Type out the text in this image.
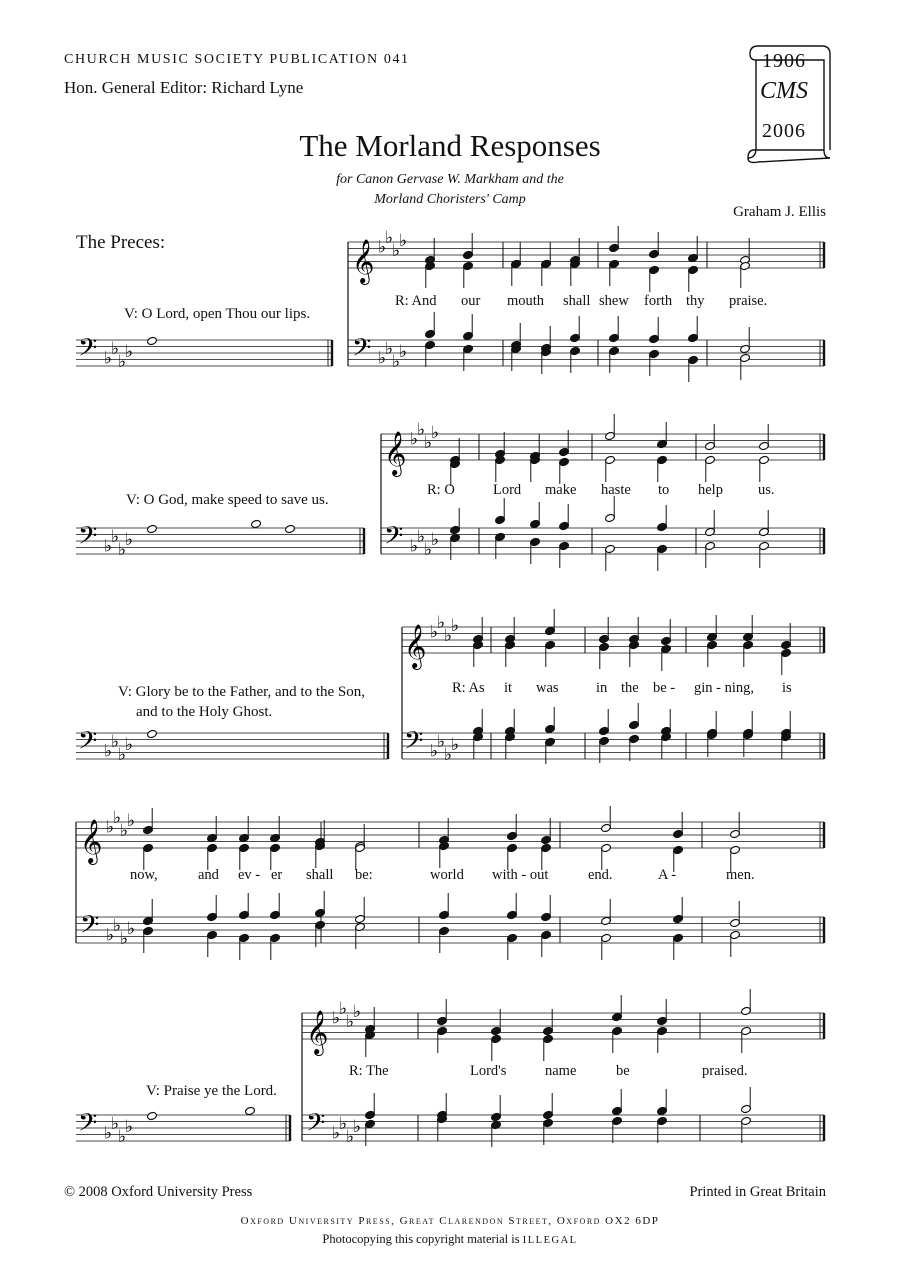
CHURCH MUSIC SOCIETY PUBLICATION 041
Hon. General Editor: Richard Lyne
1906
CMS
2006
The Morland Responses
for Canon Gervase W. Markham and the
Morland Choristers' Camp
Graham J. Ellis
The Preces:
V: O Lord, open Thou our lips.
V: O God, make speed to save us.
V: Glory be to the Father, and to the Son,
and to the Holy Ghost.
V: Praise ye the Lord.
R: And our mouth shall shew forth thy praise.
R: O	Lord make haste to help us.
R: As it was	in the be - gin - ning, is
now,	and ev - er shall be:	world with - out	end.	A -	men.
R: The	Lord's	name	be	praised.
𝄢 ♭
♭
♭
♭
𝄢 ♭
♭
♭
♭
𝄢 ♭
♭
♭
♭
𝄢 ♭
♭
♭
♭
𝄞
𝄢
♭
♭
♭
♭
♭
♭
♭
♭
𝄞
𝄢
♭
♭
♭
♭
♭
♭
♭
♭
𝄞
𝄢
♭
♭
♭
♭
♭
♭
♭
♭
𝄞
𝄢
♭
♭
♭
♭
♭
♭
♭
♭
𝄞
𝄢
♭
♭
♭
♭
♭
♭
♭
♭
© 2008 Oxford University Press	Printed in Great Britain
Oxford University Press, Great Clarendon Street, Oxford OX2 6DP
Photocopying this copyright material is ILLEGAL
